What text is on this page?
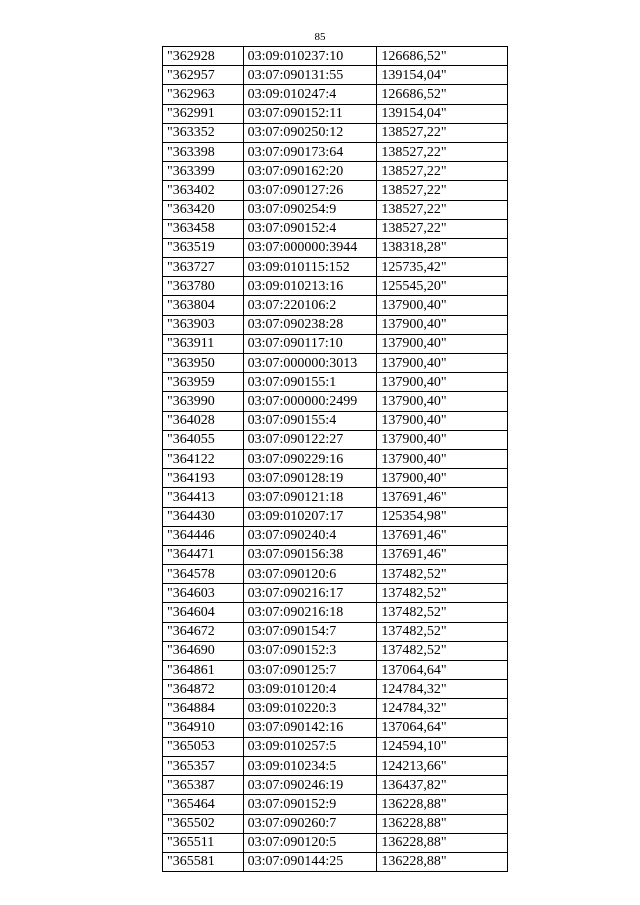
85
"362928	03:09:010237:10	126686,52"
"362957	03:07:090131:55	139154,04"
"362963	03:09:010247:4	126686,52"
"362991	03:07:090152:11	139154,04"
"363352	03:07:090250:12	138527,22"
"363398	03:07:090173:64	138527,22"
"363399	03:07:090162:20	138527,22"
"363402	03:07:090127:26	138527,22"
"363420	03:07:090254:9	138527,22"
"363458	03:07:090152:4	138527,22"
"363519	03:07:000000:3944	138318,28"
"363727	03:09:010115:152	125735,42"
"363780	03:09:010213:16	125545,20"
"363804	03:07:220106:2	137900,40"
"363903	03:07:090238:28	137900,40"
"363911	03:07:090117:10	137900,40"
"363950	03:07:000000:3013	137900,40"
"363959	03:07:090155:1	137900,40"
"363990	03:07:000000:2499	137900,40"
"364028	03:07:090155:4	137900,40"
"364055	03:07:090122:27	137900,40"
"364122	03:07:090229:16	137900,40"
"364193	03:07:090128:19	137900,40"
"364413	03:07:090121:18	137691,46"
"364430	03:09:010207:17	125354,98"
"364446	03:07:090240:4	137691,46"
"364471	03:07:090156:38	137691,46"
"364578	03:07:090120:6	137482,52"
"364603	03:07:090216:17	137482,52"
"364604	03:07:090216:18	137482,52"
"364672	03:07:090154:7	137482,52"
"364690	03:07:090152:3	137482,52"
"364861	03:07:090125:7	137064,64"
"364872	03:09:010120:4	124784,32"
"364884	03:09:010220:3	124784,32"
"364910	03:07:090142:16	137064,64"
"365053	03:09:010257:5	124594,10"
"365357	03:09:010234:5	124213,66"
"365387	03:07:090246:19	136437,82"
"365464	03:07:090152:9	136228,88"
"365502	03:07:090260:7	136228,88"
"365511	03:07:090120:5	136228,88"
"365581	03:07:090144:25	136228,88"
